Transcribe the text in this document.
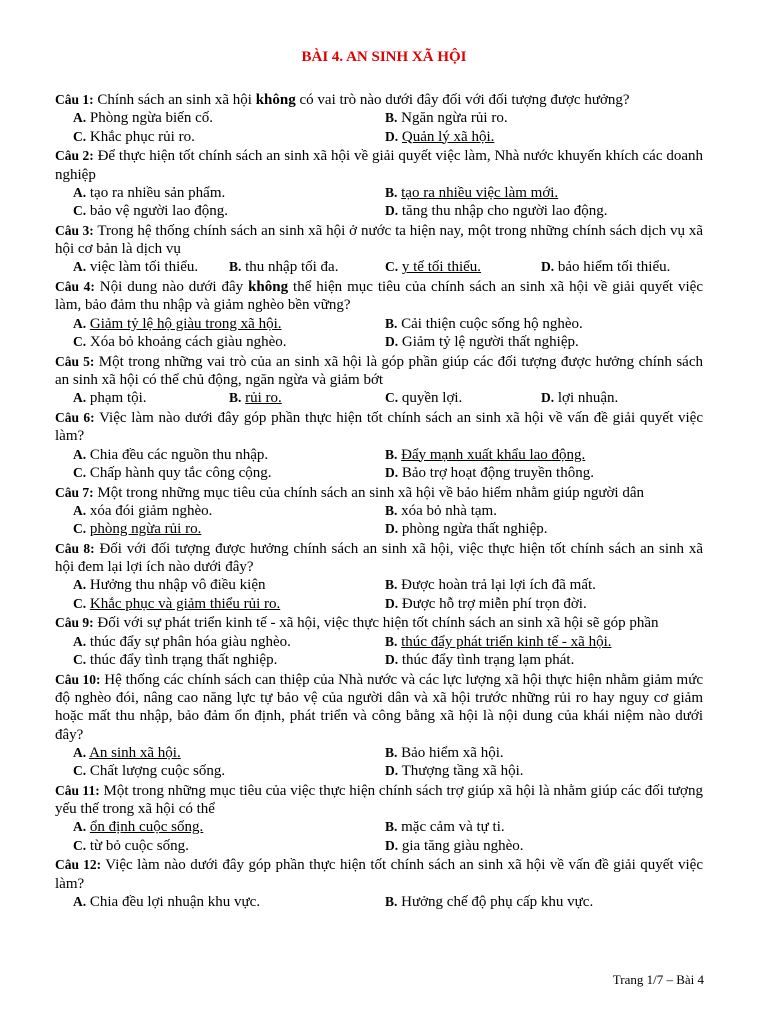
BÀI 4. AN SINH XÃ HỘI
Câu 1: Chính sách an sinh xã hội không có vai trò nào dưới đây đối với đối tượng được hưởng?
A. Phòng ngừa biến cố.	B. Ngăn ngừa rủi ro.
C. Khắc phục rủi ro.	D. Quản lý xã hội.
Câu 2: Để thực hiện tốt chính sách an sinh xã hội về giải quyết việc làm, Nhà nước khuyến khích các doanh nghiệp
A. tạo ra nhiều sản phẩm.	B. tạo ra nhiều việc làm mới.
C. bảo vệ người lao động.	D. tăng thu nhập cho người lao động.
Câu 3: Trong hệ thống chính sách an sinh xã hội ở nước ta hiện nay, một trong những chính sách dịch vụ xã hội cơ bản là dịch vụ
A. việc làm tối thiểu.	B. thu nhập tối đa.	C. y tế tối thiểu.	D. bảo hiểm tối thiểu.
Câu 4: Nội dung nào dưới đây không thể hiện mục tiêu của chính sách an sinh xã hội về giải quyết việc làm, bảo đảm thu nhập và giảm nghèo bền vững?
A. Giảm tỷ lệ hộ giàu trong xã hội.	B. Cải thiện cuộc sống hộ nghèo.
C. Xóa bỏ khoảng cách giàu nghèo.	D. Giảm tỷ lệ người thất nghiệp.
Câu 5: Một trong những vai trò của an sinh xã hội là góp phần giúp các đối tượng được hưởng chính sách an sinh xã hội có thể chủ động, ngăn ngừa và giảm bớt
A. phạm tội.	B. rủi ro.	C. quyền lợi.	D. lợi nhuận.
Câu 6: Việc làm nào dưới đây góp phần thực hiện tốt chính sách an sinh xã hội về vấn đề giải quyết việc làm?
A. Chia đều các nguồn thu nhập.	B. Đẩy mạnh xuất khẩu lao động.
C. Chấp hành quy tắc công cộng.	D. Bảo trợ hoạt động truyền thông.
Câu 7: Một trong những mục tiêu của chính sách an sinh xã hội về bảo hiểm nhằm giúp người dân
A. xóa đói giảm nghèo.	B. xóa bỏ nhà tạm.
C. phòng ngừa rủi ro.	D. phòng ngừa thất nghiệp.
Câu 8: Đối với đối tượng được hưởng chính sách an sinh xã hội, việc thực hiện tốt chính sách an sinh xã hội đem lại lợi ích nào dưới đây?
A. Hưởng thu nhập vô điều kiện	B. Được hoàn trả lại lợi ích đã mất.
C. Khắc phục và giảm thiểu rủi ro.	D. Được hỗ trợ miễn phí trọn đời.
Câu 9: Đối với sự phát triển kinh tế - xã hội, việc thực hiện tốt chính sách an sinh xã hội sẽ góp phần
A. thúc đẩy sự phân hóa giàu nghèo.	B. thúc đẩy phát triển kinh tế - xã hội.
C. thúc đẩy tình trạng thất nghiệp.	D. thúc đẩy tình trạng lạm phát.
Câu 10: Hệ thống các chính sách can thiệp của Nhà nước và các lực lượng xã hội thực hiện nhằm giảm mức độ nghèo đói, nâng cao năng lực tự bảo vệ của người dân và xã hội trước những rủi ro hay nguy cơ giảm hoặc mất thu nhập, bảo đảm ổn định, phát triển và công bằng xã hội là nội dung của khái niệm nào dưới đây?
A. An sinh xã hội.	B. Bảo hiểm xã hội.
C. Chất lượng cuộc sống.	D. Thượng tầng xã hội.
Câu 11: Một trong những mục tiêu của việc thực hiện chính sách trợ giúp xã hội là nhằm giúp các đối tượng yếu thế trong xã hội có thể
A. ổn định cuộc sống.	B. mặc cảm và tự ti.
C. từ bỏ cuộc sống.	D. gia tăng giàu nghèo.
Câu 12: Việc làm nào dưới đây góp phần thực hiện tốt chính sách an sinh xã hội về vấn đề giải quyết việc làm?
A. Chia đều lợi nhuận khu vực.	B. Hưởng chế độ phụ cấp khu vực.
Trang 1/7 – Bài 4
